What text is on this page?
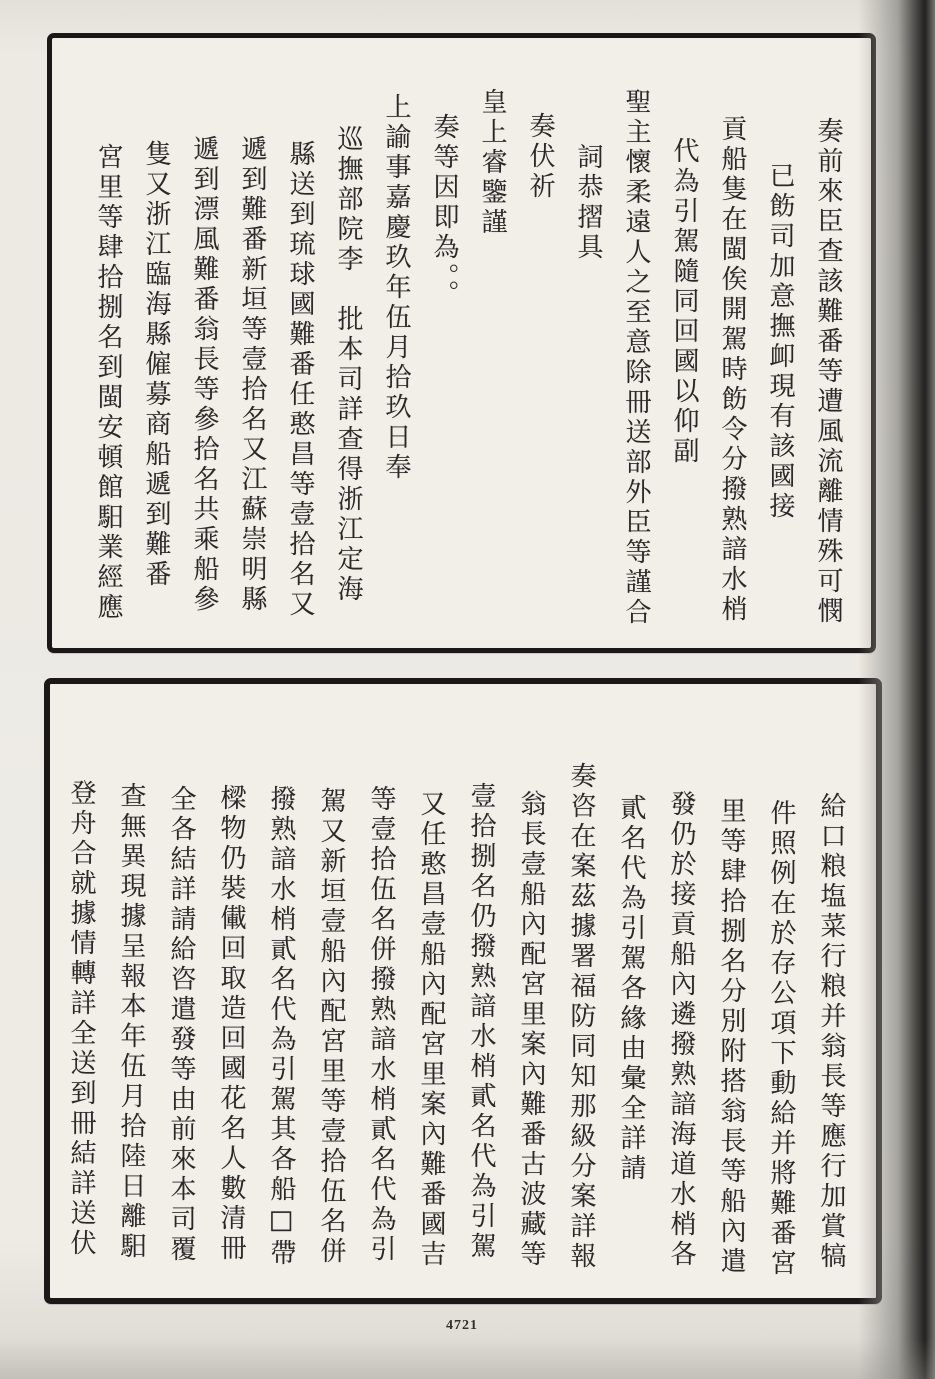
奏前來臣查該難番等遭風流離情殊可憫
已飭司加意撫卹現有該國接
貢船隻在閩俟開駕時飭令分撥熟諳水梢
代為引駕隨同回國以仰副
聖主懷柔遠人之至意除冊送部外臣等謹合
詞恭摺具
奏伏祈
皇上睿鑒謹
奏等因即為。。
上諭事嘉慶玖年伍月拾玖日奉
巡撫部院李　批本司詳查得浙江定海
縣送到琉球國難番任憨昌等壹拾名又
遞到難番新垣等壹拾名又江蘇崇明縣
遞到漂風難番翁長等參拾名共乘船參
隻又浙江臨海縣僱募商船遞到難番
宮里等肆拾捌名到閩安頓館馹業經應
給口粮塩菜行粮并翁長等應行加賞犒
件照例在於存公項下動給并將難番宮
里等肆拾捌名分別附搭翁長等船內遣
發仍於接貢船內遴撥熟諳海道水梢各
貳名代為引駕各緣由彙全詳請
奏咨在案茲據署福防同知那級分案詳報
翁長壹船內配宮里案內難番古波藏等
壹拾捌名仍撥熟諳水梢貳名代為引駕
又任憨昌壹船內配宮里案內難番國吉
等壹拾伍名併撥熟諳水梢貳名代為引
駕又新垣壹船內配宮里等壹拾伍名併
撥熟諳水梢貳名代為引駕其各船□帶
樑物仍裝儎回取造回國花名人數清冊
全各結詳請給咨遣發等由前來本司覆
查無異現據呈報本年伍月拾陸日離馹
登舟合就據情轉詳全送到冊結詳送伏
4721
